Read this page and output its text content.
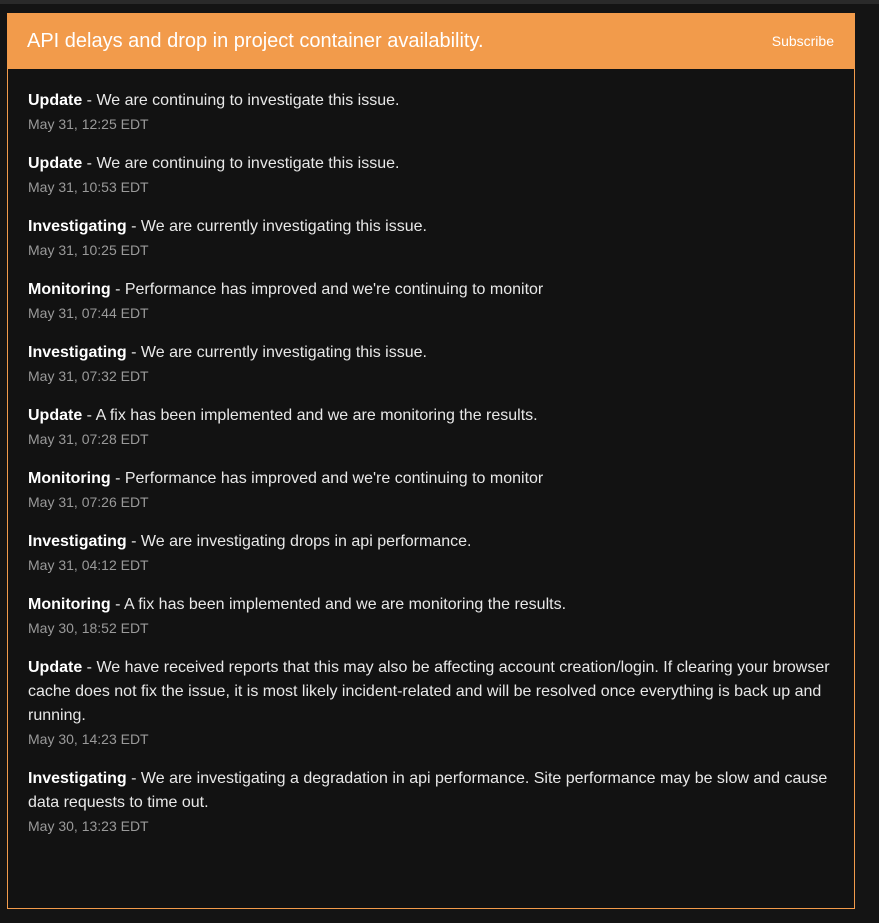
API delays and drop in project container availability.	Subscribe
Update - We are continuing to investigate this issue.
May 31, 12:25 EDT
Update - We are continuing to investigate this issue.
May 31, 10:53 EDT
Investigating - We are currently investigating this issue.
May 31, 10:25 EDT
Monitoring - Performance has improved and we're continuing to monitor
May 31, 07:44 EDT
Investigating - We are currently investigating this issue.
May 31, 07:32 EDT
Update - A fix has been implemented and we are monitoring the results.
May 31, 07:28 EDT
Monitoring - Performance has improved and we're continuing to monitor
May 31, 07:26 EDT
Investigating - We are investigating drops in api performance.
May 31, 04:12 EDT
Monitoring - A fix has been implemented and we are monitoring the results.
May 30, 18:52 EDT
Update - We have received reports that this may also be affecting account creation/login. If clearing your browser cache does not fix the issue, it is most likely incident-related and will be resolved once everything is back up and running.
May 30, 14:23 EDT
Investigating - We are investigating a degradation in api performance. Site performance may be slow and cause data requests to time out.
May 30, 13:23 EDT
